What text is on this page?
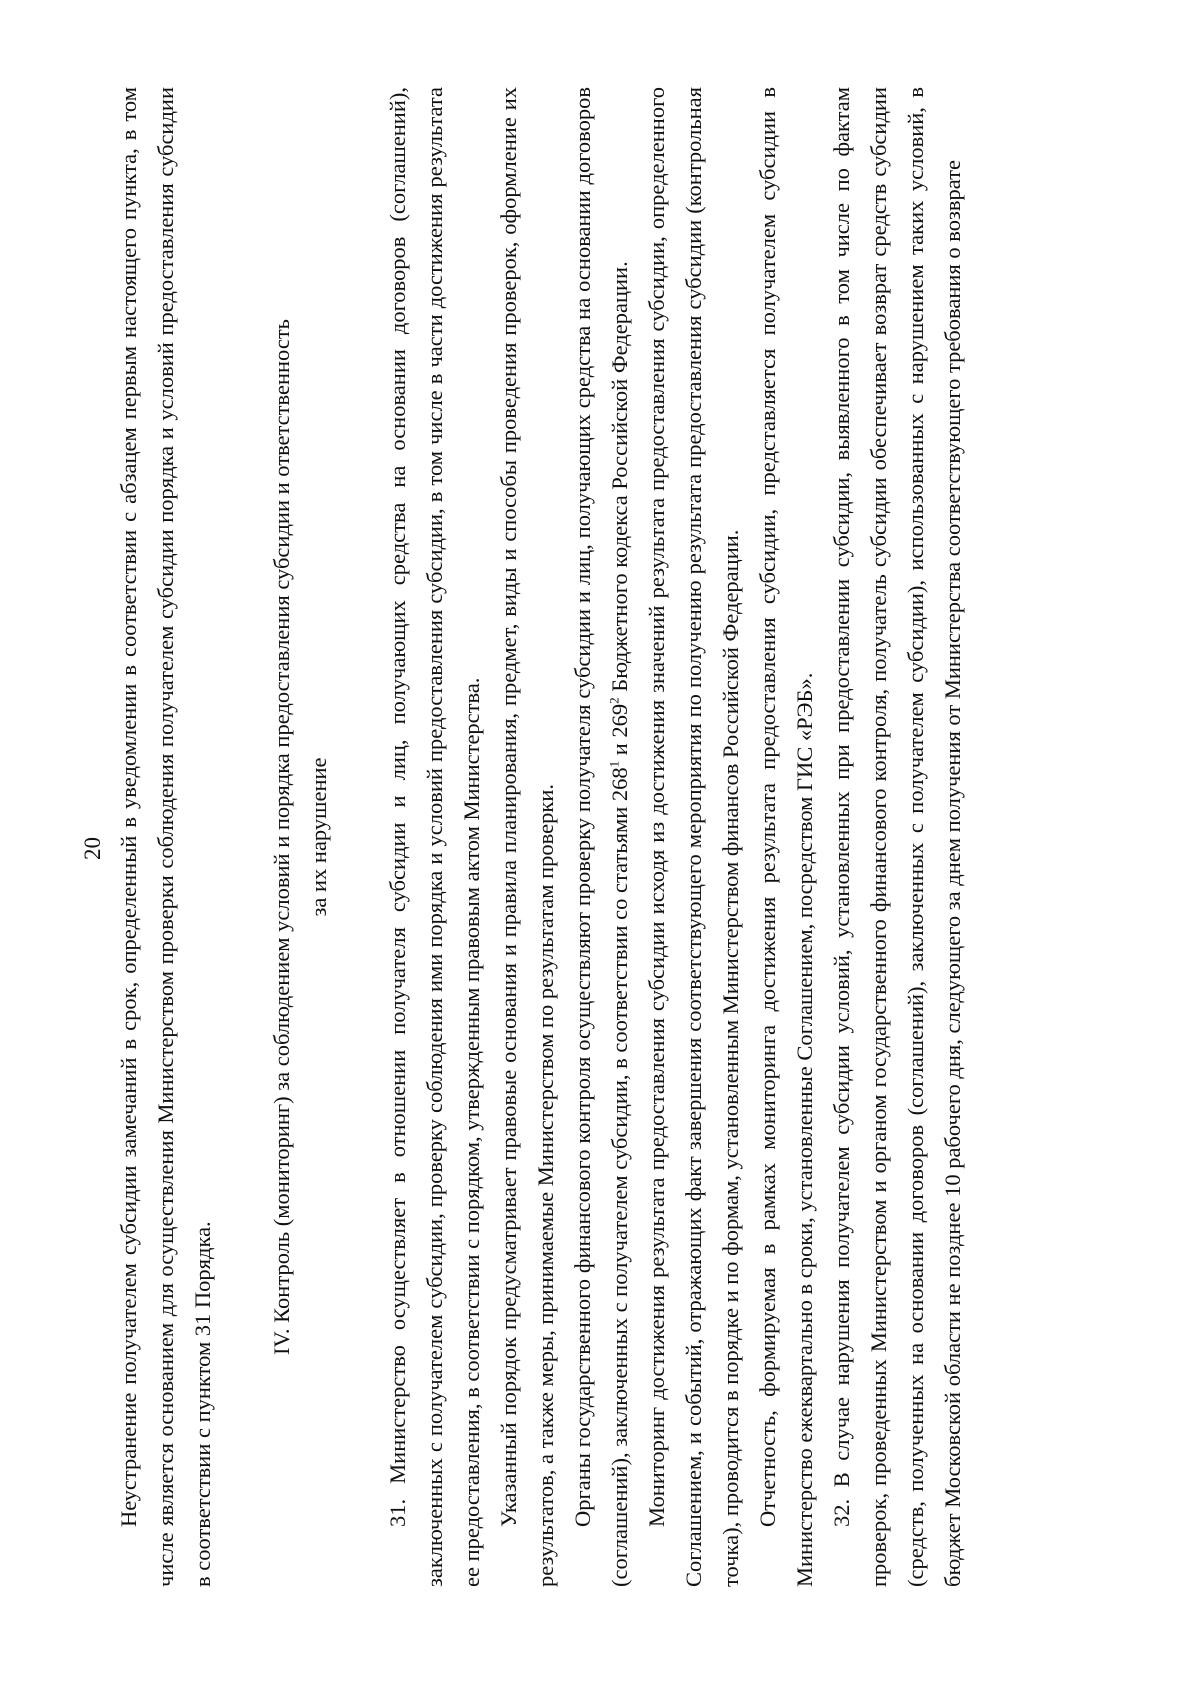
20 Неустранение получателем субсидии замечаний в срок, определенный в уведомлении в соответствии с абзацем первым настоящего пункта, в том числе является основанием для осуществления Министерством проверки соблюдения получателем субсидии порядка и условий предоставления субсидии в соответствии с пунктом 31 Порядка.

IV. Контроль (мониторинг) за соблюдением условий и порядка предоставления субсидии и ответственность за их нарушение 31. Министерство осуществляет в отношении получателя субсидии и лиц, получающих средства на основании договоров (соглашений), заключенных с получателем субсидии, проверку соблюдения ими порядка и условий предоставления субсидии, в том числе в части достижения результата ее предоставления, в соответствии с порядком, утвержденным правовым актом Министерства. Указанный порядок предусматривает правовые основания и правила планирования, предмет, виды и способы проведения проверок, оформление их результатов, а также меры, принимаемые Министерством по результатам проверки. Органы государственного финансового контроля осуществляют проверку получателя субсидии и лиц, получающих средства на основании договоров (соглашений), заключенных с получателем субсидии, в соответствии со статьями $268^1$ и $269^2$ Бюджетного кодекса Российской Федерации. Мониторинг достижения результата предоставления субсидии исходя из достижения значений результата предоставления субсидии, определенного Соглашением, и событий, отражающих факт завершения соответствующего мероприятия по получению результата предоставления субсидии (контрольная точка), проводится в порядке и по формам, установленным Министерством финансов Российской Федерации. Отчетность, формируемая в рамках мониторинга достижения результата предоставления субсидии, представляется получателем субсидии в Министерство ежеквартально в сроки, установленные Соглашением, посредством ГИС «РЭБ». 32. В случае нарушения получателем субсидии условий, установленных при предоставлении субсидии, выявленного в том числе по фактам проверок, проведенных Министерством и органом государственного финансового контроля, получатель субсидии обеспечивает возврат средств субсидии (средств, полученных на основании договоров (соглашений), заключенных с получателем субсидии), использованных с нарушением таких условий, в бюджет Московской области не позднее 10 рабочего дня, следующего за днем получения от Министерства соответствующего требования о возврате
